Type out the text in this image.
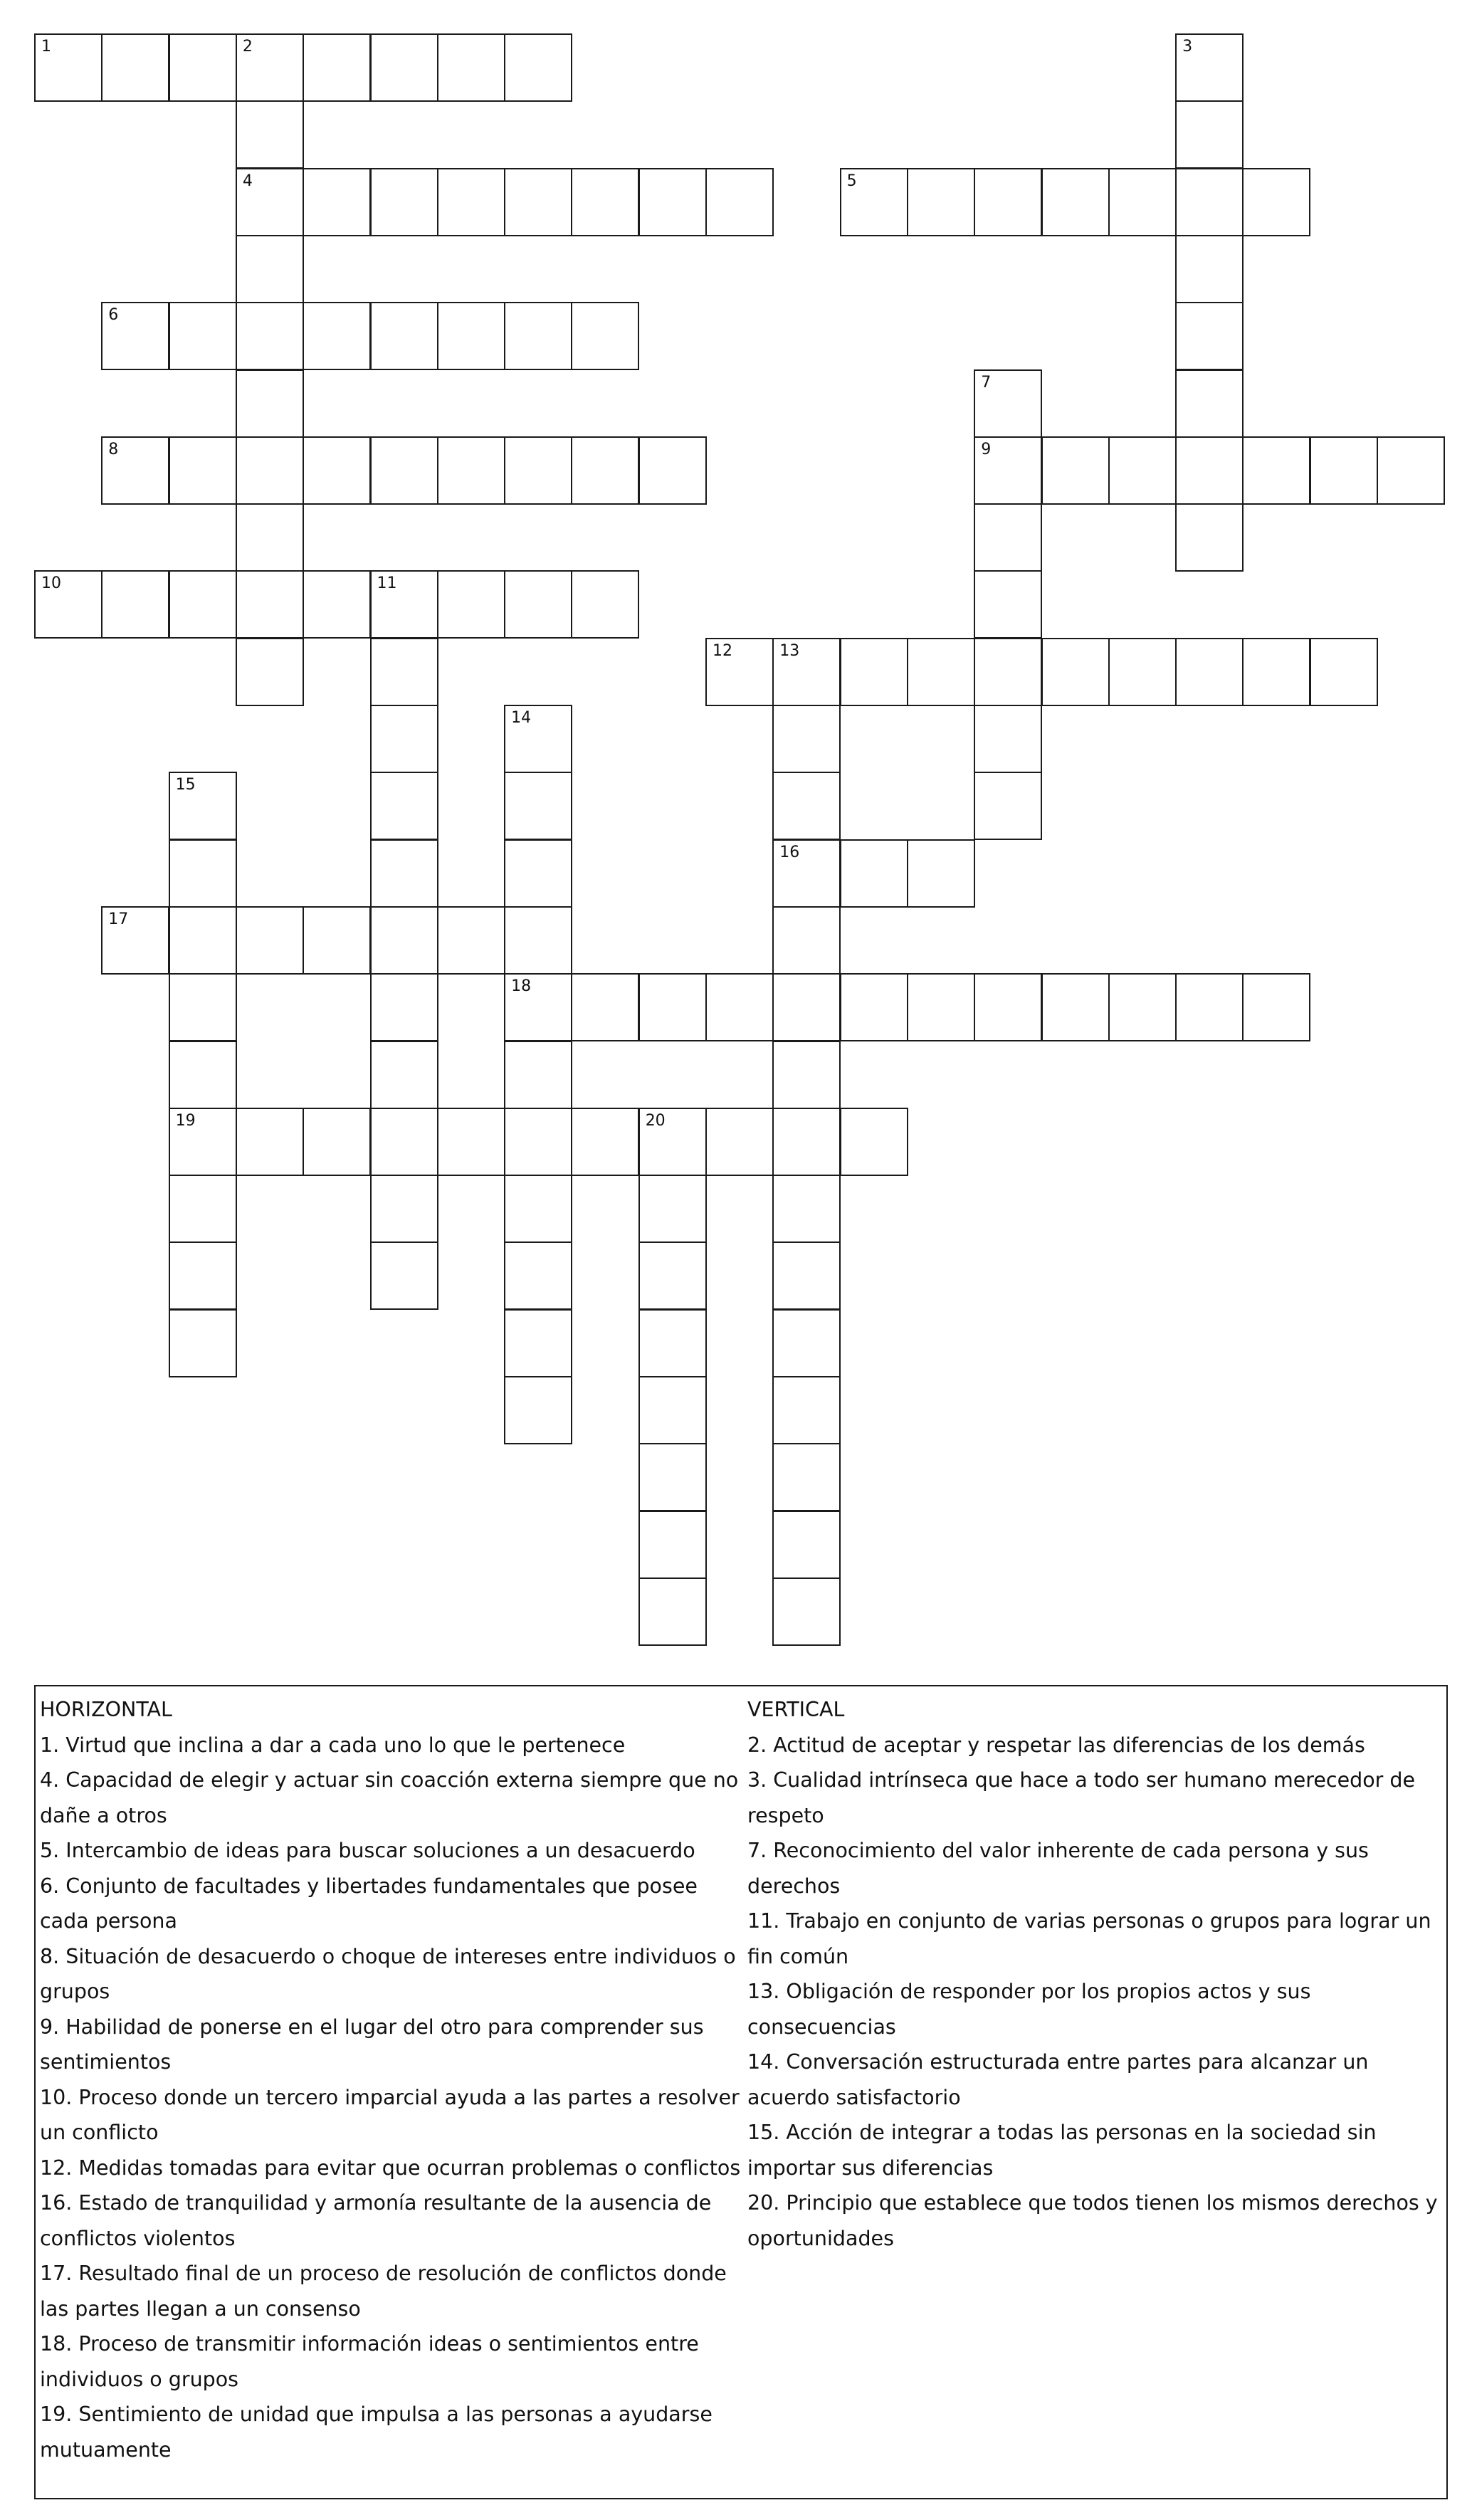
1	2
4	5
6
8	9
10	11
12	13
16
17
18
19	20
3
7
14
15
HORIZONTAL
1. Virtud que inclina a dar a cada uno lo que le pertenece
4. Capacidad de elegir y actuar sin coacción externa siempre que no dañe a otros
5. Intercambio de ideas para buscar soluciones a un desacuerdo
6. Conjunto de facultades y libertades fundamentales que posee cada persona
8. Situación de desacuerdo o choque de intereses entre individuos o grupos
9. Habilidad de ponerse en el lugar del otro para comprender sus sentimientos
10. Proceso donde un tercero imparcial ayuda a las partes a resolver un conflicto
12. Medidas tomadas para evitar que ocurran problemas o conflictos
16. Estado de tranquilidad y armonía resultante de la ausencia de conflictos violentos
17. Resultado final de un proceso de resolución de conflictos donde las partes llegan a un consenso
18. Proceso de transmitir información ideas o sentimientos entre individuos o grupos
19. Sentimiento de unidad que impulsa a las personas a ayudarse mutuamente
VERTICAL
2. Actitud de aceptar y respetar las diferencias de los demás
3. Cualidad intrínseca que hace a todo ser humano merecedor de respeto
7. Reconocimiento del valor inherente de cada persona y sus derechos
11. Trabajo en conjunto de varias personas o grupos para lograr un fin común
13. Obligación de responder por los propios actos y sus consecuencias
14. Conversación estructurada entre partes para alcanzar un acuerdo satisfactorio
15. Acción de integrar a todas las personas en la sociedad sin importar sus diferencias
20. Principio que establece que todos tienen los mismos derechos y oportunidades
